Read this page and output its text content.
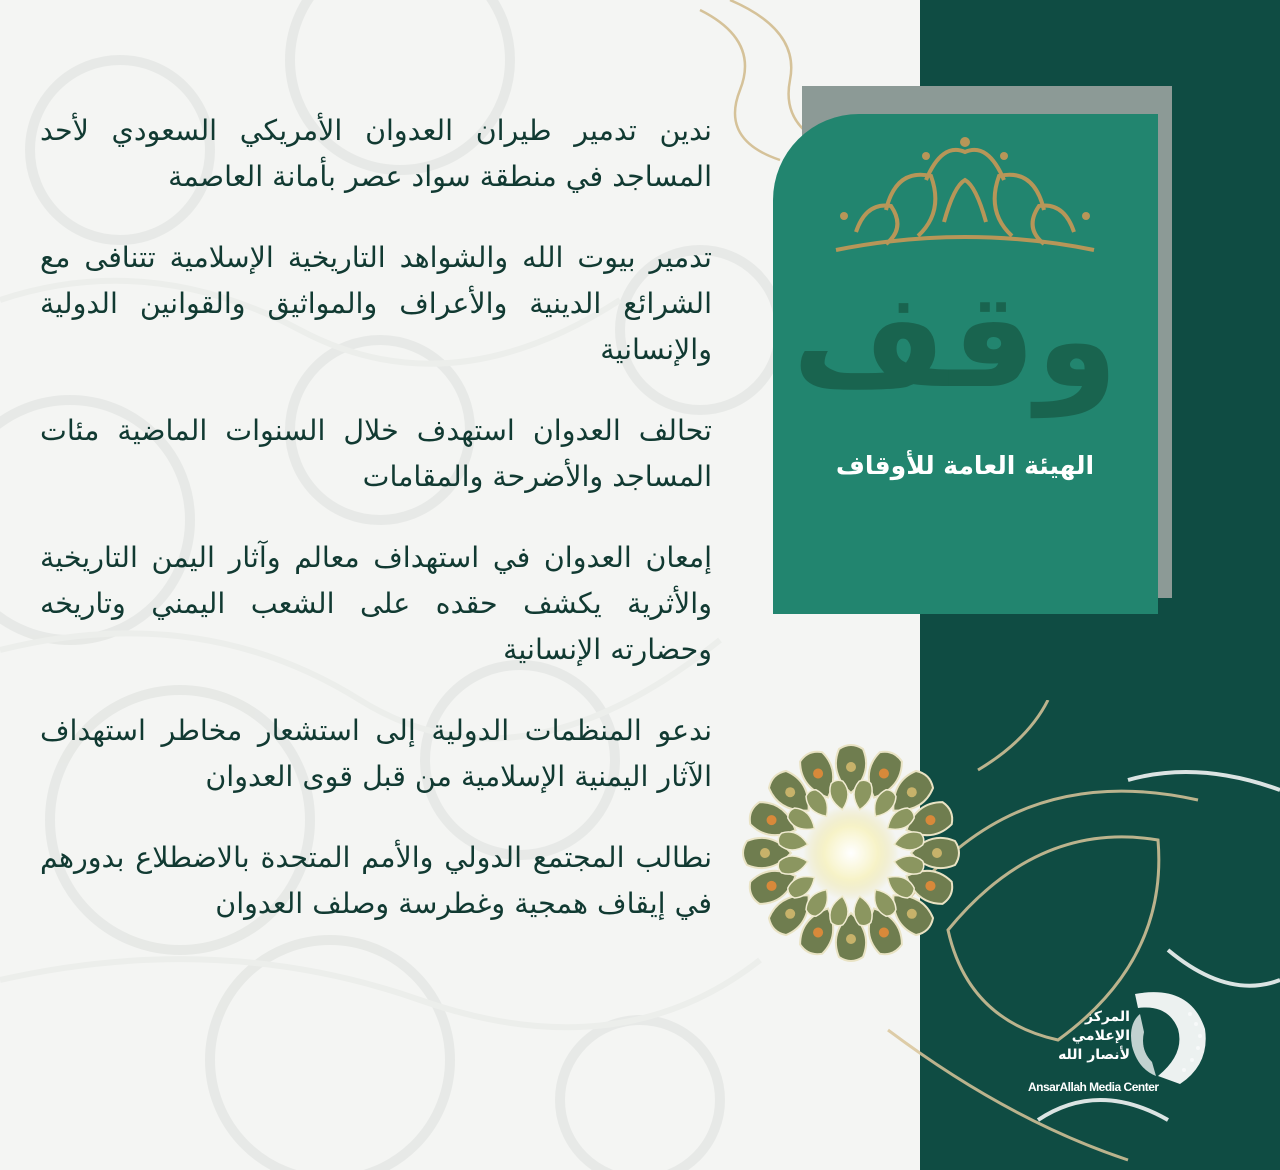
وقف
الهيئة العامة للأوقاف

ندين تدمير طيران العدوان الأمريكي السعودي لأحد المساجد في منطقة سواد عصر بأمانة العاصمة

تدمير بيوت الله والشواهد التاريخية الإسلامية تتنافى مع الشرائع الدينية والأعراف والمواثيق والقوانين الدولية والإنسانية

تحالف العدوان استهدف خلال السنوات الماضية مئات المساجد والأضرحة والمقامات

إمعان العدوان في استهداف معالم وآثار اليمن التاريخية والأثرية يكشف حقده على الشعب اليمني وتاريخه وحضارته الإنسانية

ندعو المنظمات الدولية إلى استشعار مخاطر استهداف الآثار اليمنية الإسلامية من قبل قوى العدوان

نطالب المجتمع الدولي والأمم المتحدة بالاضطلاع بدورهم في إيقاف همجية وغطرسة وصلف العدوان

المركز
الإعلامي
لأنصار الله
AnsarAllah Media Center
